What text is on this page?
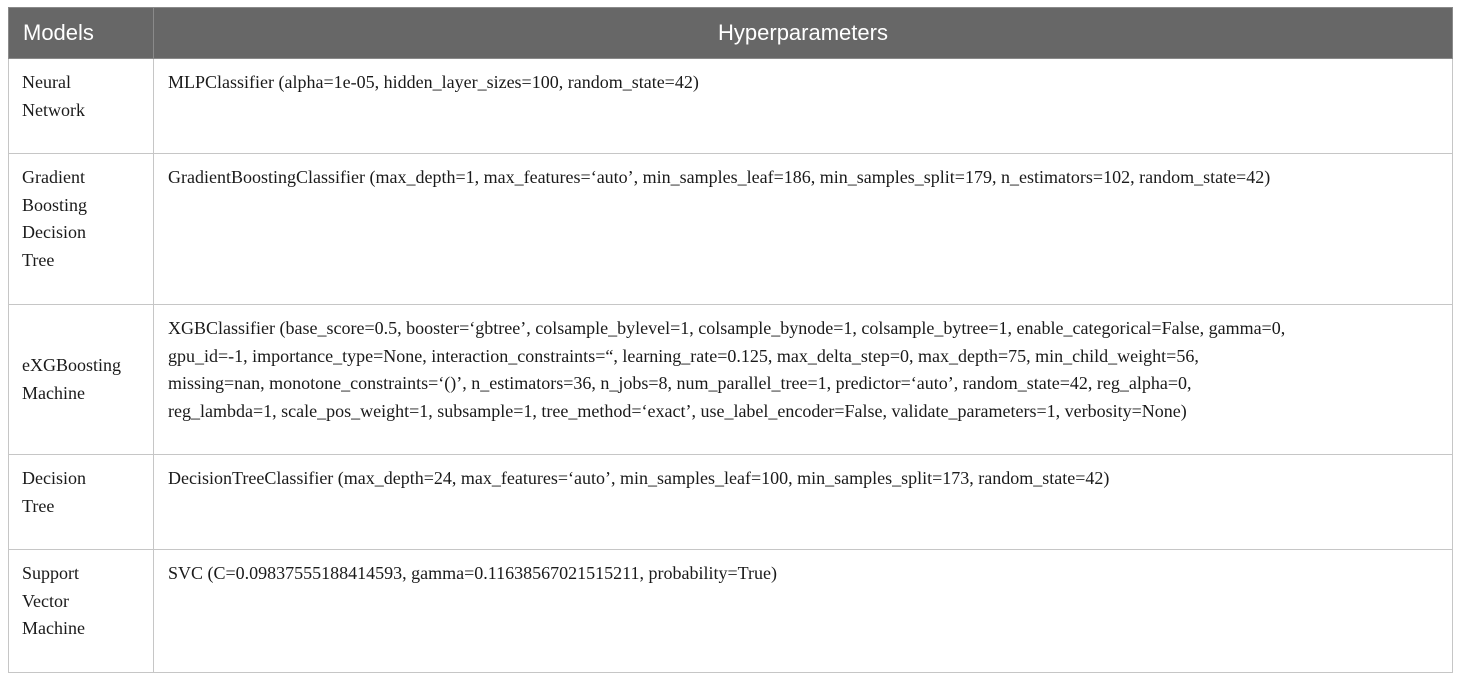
Models	Hyperparameters

Neural
Network	MLPClassifier (alpha=1e-05, hidden_layer_sizes=100, random_state=42)

Gradient
Boosting
Decision
Tree	GradientBoostingClassifier (max_depth=1, max_features=‘auto’, min_samples_leaf=186, min_samples_split=179, n_estimators=102, random_state=42)

eXGBoosting
Machine	XGBClassifier (base_score=0.5, booster=‘gbtree’, colsample_bylevel=1, colsample_bynode=1, colsample_bytree=1, enable_categorical=False, gamma=0,
gpu_id=-1, importance_type=None, interaction_constraints=“, learning_rate=0.125, max_delta_step=0, max_depth=75, min_child_weight=56,
missing=nan, monotone_constraints=‘()’, n_estimators=36, n_jobs=8, num_parallel_tree=1, predictor=‘auto’, random_state=42, reg_alpha=0,
reg_lambda=1, scale_pos_weight=1, subsample=1, tree_method=‘exact’, use_label_encoder=False, validate_parameters=1, verbosity=None)

Decision
Tree	DecisionTreeClassifier (max_depth=24, max_features=‘auto’, min_samples_leaf=100, min_samples_split=173, random_state=42)

Support
Vector
Machine	SVC (C=0.09837555188414593, gamma=0.11638567021515211, probability=True)
